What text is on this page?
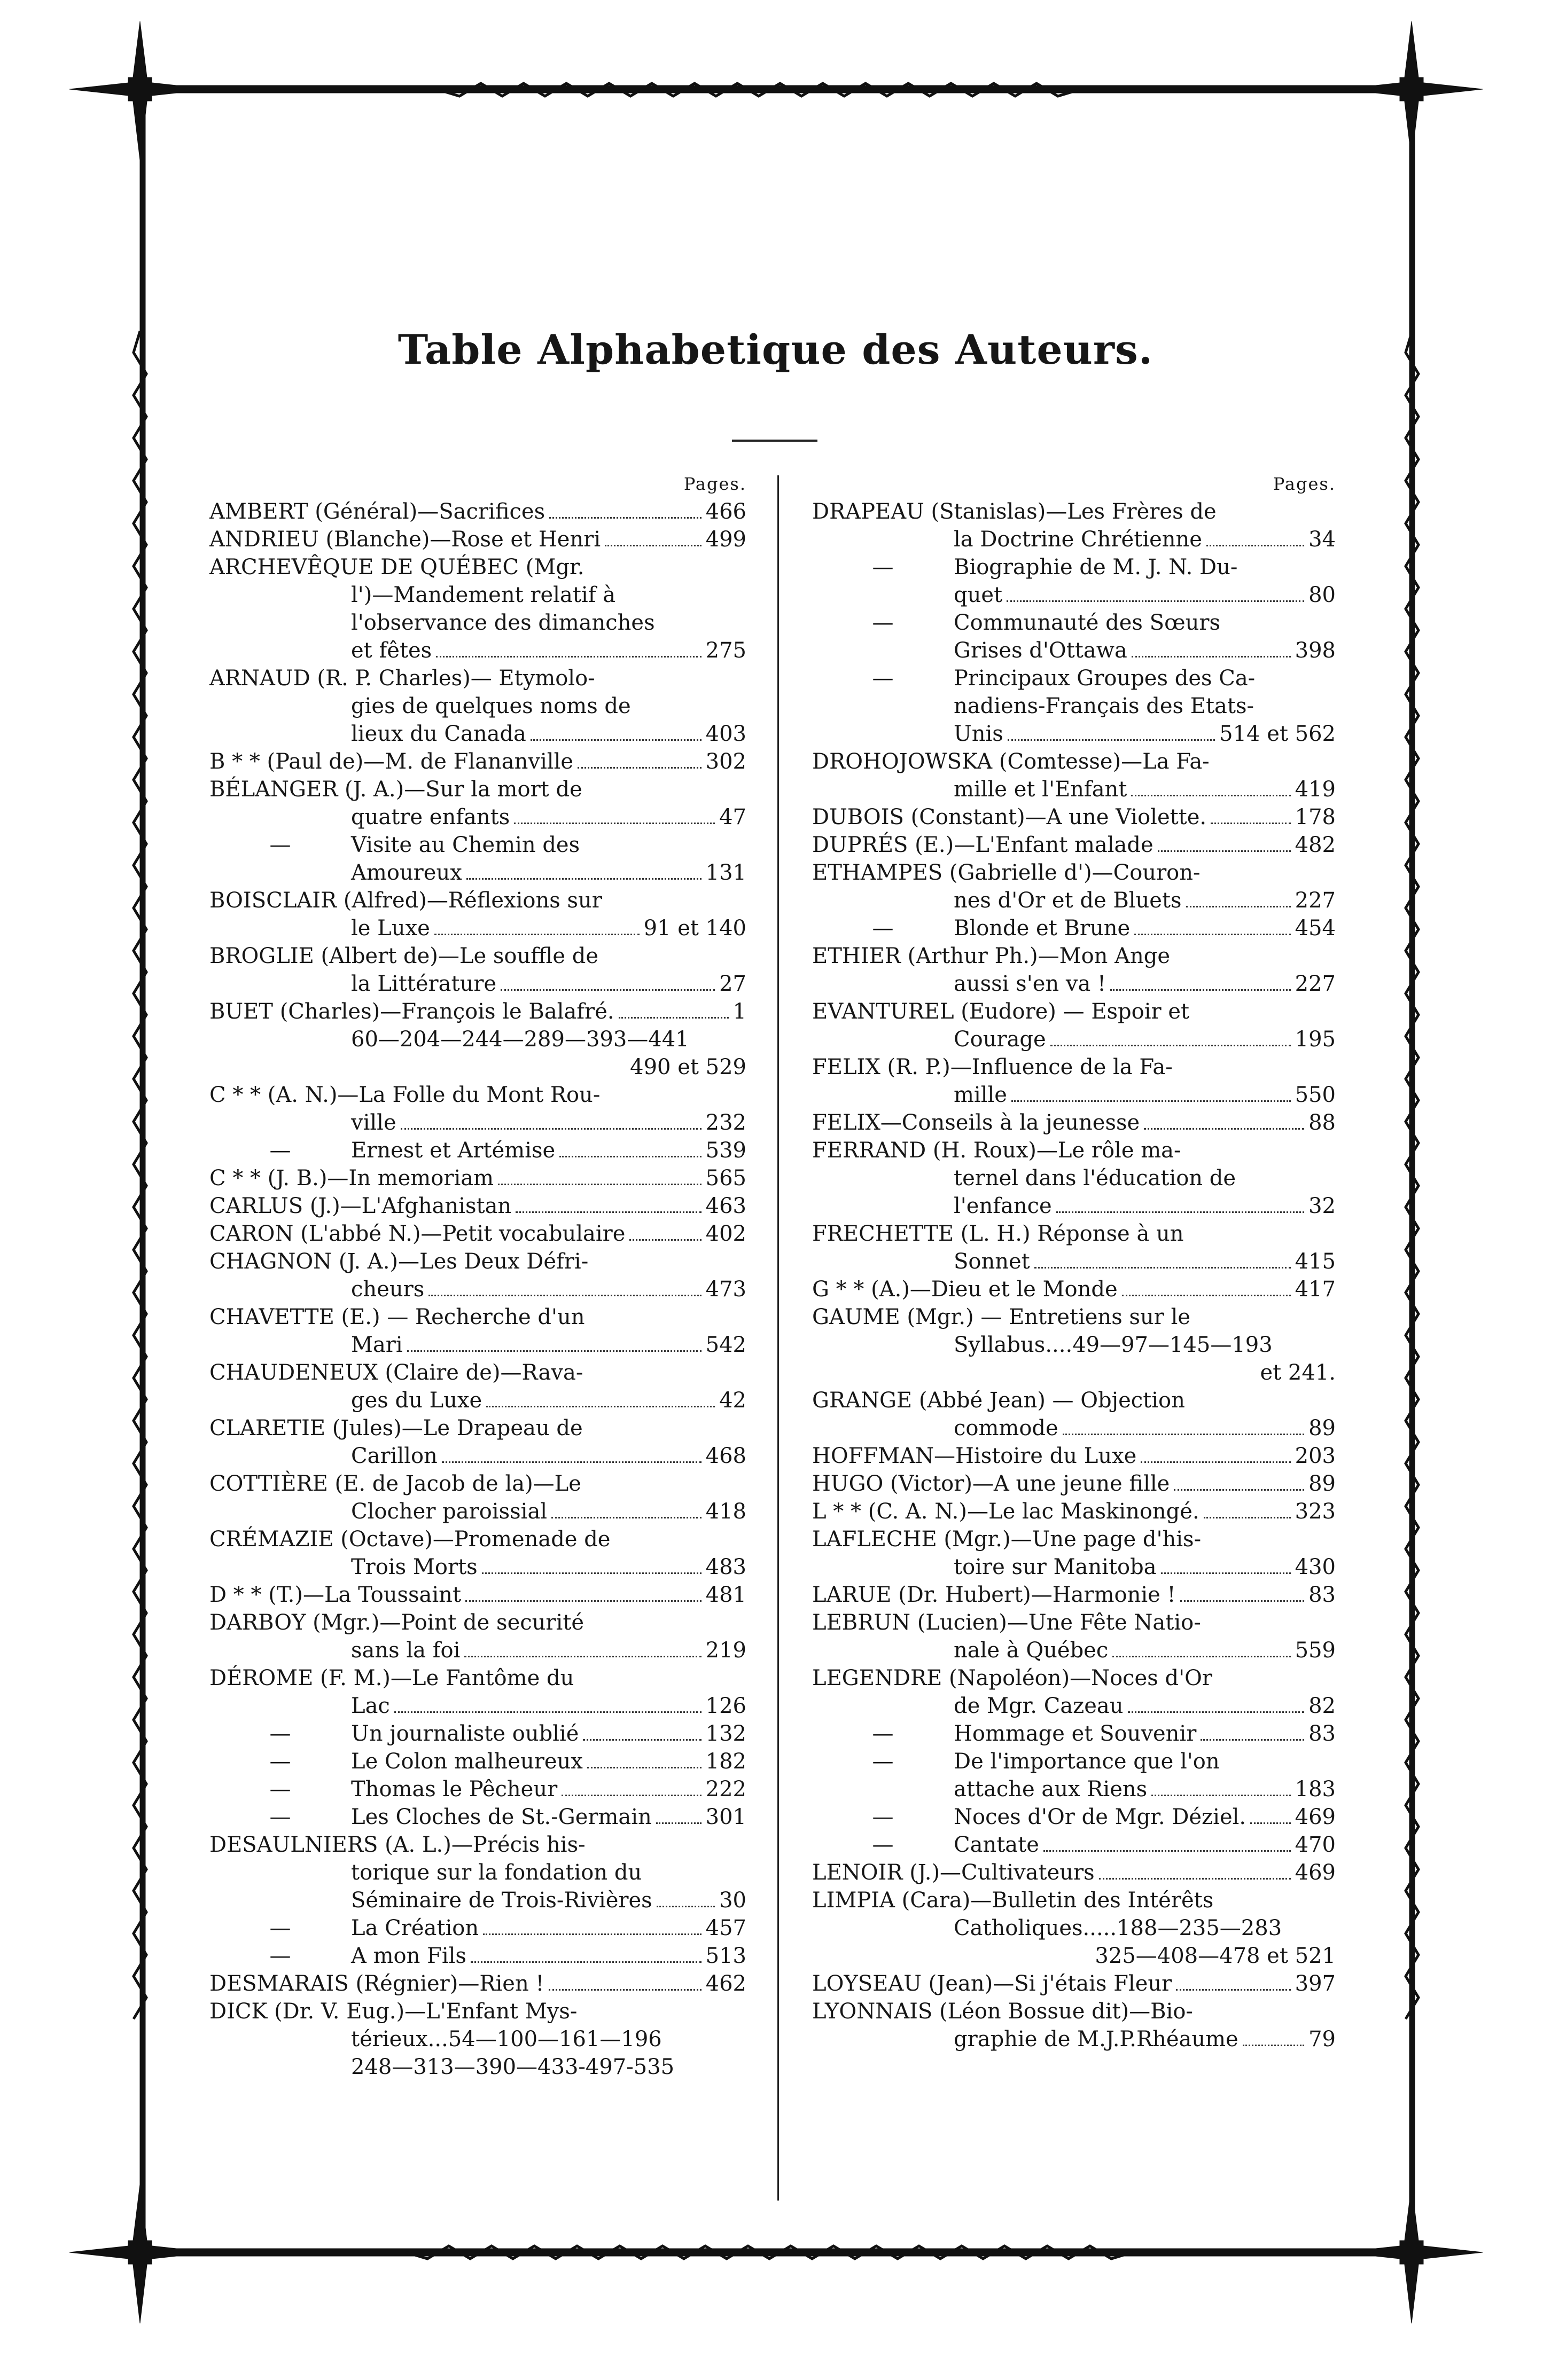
Table Alphabetique des Auteurs.
Pages.
AMBERT (Général)—Sacrifices	466
ANDRIEU (Blanche)—Rose et Henri	499
ARCHEVÊQUE DE QUÉBEC (Mgr.
l')—Mandement relatif à
l'observance des dimanches
et fêtes	275
ARNAUD (R. P. Charles)— Etymolo-
gies de quelques noms de
lieux du Canada	403
B * * (Paul de)—M. de Flananville	302
BÉLANGER (J. A.)—Sur la mort de
quatre enfants	47
—	Visite au Chemin des
Amoureux	131
BOISCLAIR (Alfred)—Réflexions sur
le Luxe	91 et 140
BROGLIE (Albert de)—Le souffle de
la Littérature	27
BUET (Charles)—François le Balafré.	1
60—204—244—289—393—441
490 et 529
C * * (A. N.)—La Folle du Mont Rou-
ville	232
—	Ernest et Artémise	539
C * * (J. B.)—In memoriam	565
CARLUS (J.)—L'Afghanistan	463
CARON (L'abbé N.)—Petit vocabulaire	402
CHAGNON (J. A.)—Les Deux Défri-
cheurs	473
CHAVETTE (E.) — Recherche d'un
Mari	542
CHAUDENEUX (Claire de)—Rava-
ges du Luxe	42
CLARETIE (Jules)—Le Drapeau de
Carillon	468
COTTIÈRE (E. de Jacob de la)—Le
Clocher paroissial	418
CRÉMAZIE (Octave)—Promenade de
Trois Morts	483
D * * (T.)—La Toussaint	481
DARBOY (Mgr.)—Point de securité
sans la foi	219
DÉROME (F. M.)—Le Fantôme du
Lac	126
—	Un journaliste oublié	132
—	Le Colon malheureux	182
—	Thomas le Pêcheur	222
—	Les Cloches de St.-Germain	301
DESAULNIERS (A. L.)—Précis his-
torique sur la fondation du
Séminaire de Trois-Rivières	30
—	La Création	457
—	A mon Fils	513
DESMARAIS (Régnier)—Rien !	462
DICK (Dr. V. Eug.)—L'Enfant Mys-
térieux...54—100—161—196
248—313—390—433-497-535
Pages.
DRAPEAU (Stanislas)—Les Frères de
la Doctrine Chrétienne	34
—	Biographie de M. J. N. Du-
quet	80
—	Communauté des Sœurs
Grises d'Ottawa	398
—	Principaux Groupes des Ca-
nadiens-Français des Etats-
Unis	514 et 562
DROHOJOWSKA (Comtesse)—La Fa-
mille et l'Enfant	419
DUBOIS (Constant)—A une Violette.	178
DUPRÉS (E.)—L'Enfant malade	482
ETHAMPES (Gabrielle d')—Couron-
nes d'Or et de Bluets	227
—	Blonde et Brune	454
ETHIER (Arthur Ph.)—Mon Ange
aussi s'en va !	227
EVANTUREL (Eudore) — Espoir et
Courage	195
FELIX (R. P.)—Influence de la Fa-
mille	550
FELIX—Conseils à la jeunesse	88
FERRAND (H. Roux)—Le rôle ma-
ternel dans l'éducation de
l'enfance	32
FRECHETTE (L. H.) Réponse à un
Sonnet	415
G * * (A.)—Dieu et le Monde	417
GAUME (Mgr.) — Entretiens sur le
Syllabus....49—97—145—193
et 241.
GRANGE (Abbé Jean) — Objection
commode	89
HOFFMAN—Histoire du Luxe	203
HUGO (Victor)—A une jeune fille	89
L * * (C. A. N.)—Le lac Maskinongé.	323
LAFLECHE (Mgr.)—Une page d'his-
toire sur Manitoba	430
LARUE (Dr. Hubert)—Harmonie !	83
LEBRUN (Lucien)—Une Fête Natio-
nale à Québec	559
LEGENDRE (Napoléon)—Noces d'Or
de Mgr. Cazeau	82
—	Hommage et Souvenir	83
—	De l'importance que l'on
attache aux Riens	183
—	Noces d'Or de Mgr. Déziel. 469
—	Cantate	470
LENOIR (J.)—Cultivateurs	469
LIMPIA (Cara)—Bulletin des Intérêts
Catholiques.....188—235—283
325—408—478 et 521
LOYSEAU (Jean)—Si j'étais Fleur	397
LYONNAIS (Léon Bossue dit)—Bio-
graphie de M.J.P.Rhéaume	79
